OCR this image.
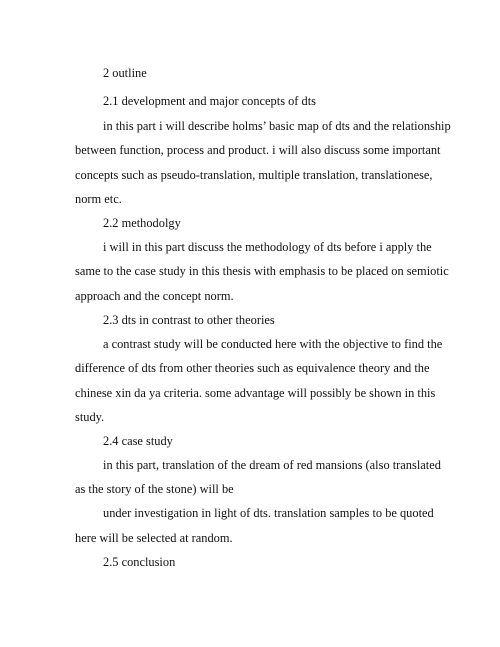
2 outline
2.1 development and major concepts of dts
in this part i will describe holms’ basic map of dts and the relationship
between function, process and product. i will also discuss some important
concepts such as pseudo-translation, multiple translation, translationese,
norm etc.
2.2 methodolgy
i will in this part discuss the methodology of dts before i apply the
same to the case study in this thesis with emphasis to be placed on semiotic
approach and the concept norm.
2.3 dts in contrast to other theories
a contrast study will be conducted here with the objective to find the
difference of dts from other theories such as equivalence theory and the
chinese xin da ya criteria. some advantage will possibly be shown in this
study.
2.4 case study
in this part, translation of the dream of red mansions (also translated
as the story of the stone) will be
under investigation in light of dts. translation samples to be quoted
here will be selected at random.
2.5 conclusion
